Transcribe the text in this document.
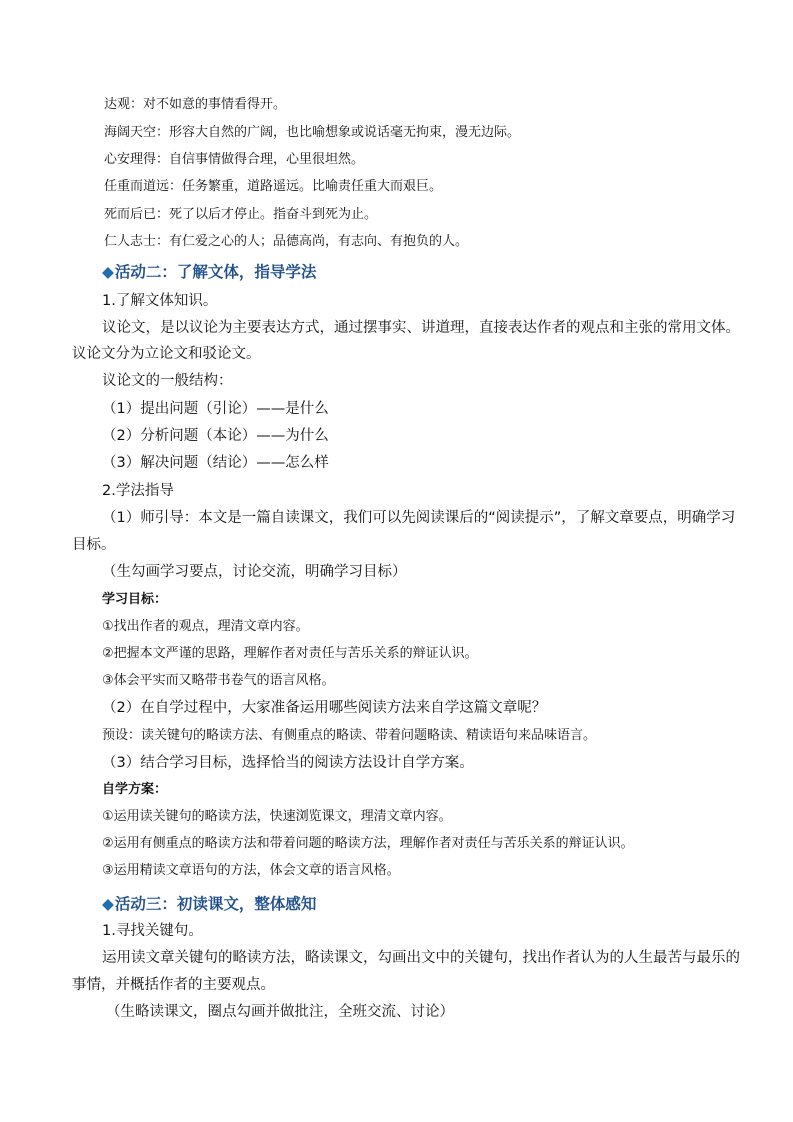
达观：对不如意的事情看得开。
海阔天空：形容大自然的广阔，也比喻想象或说话毫无拘束，漫无边际。
心安理得：自信事情做得合理，心里很坦然。
任重而道远：任务繁重，道路遥远。比喻责任重大而艰巨。
死而后已：死了以后才停止。指奋斗到死为止。
仁人志士：有仁爱之心的人；品德高尚，有志向、有抱负的人。
◆活动二：了解文体，指导学法
1.了解文体知识。
议论文，是以议论为主要表达方式，通过摆事实、讲道理，直接表达作者的观点和主张的常用文体。
议论文分为立论文和驳论文。
议论文的一般结构：
（1）提出问题（引论）——是什么
（2）分析问题（本论）——为什么
（3）解决问题（结论）——怎么样
2.学法指导
（1）师引导：本文是一篇自读课文，我们可以先阅读课后的“阅读提示”，了解文章要点，明确学习
目标。
（生勾画学习要点，讨论交流，明确学习目标）
学习目标：
①找出作者的观点，理清文章内容。
②把握本文严谨的思路，理解作者对责任与苦乐关系的辩证认识。
③体会平实而又略带书卷气的语言风格。
（2）在自学过程中，大家准备运用哪些阅读方法来自学这篇文章呢？
预设：读关键句的略读方法、有侧重点的略读、带着问题略读、精读语句来品味语言。
（3）结合学习目标，选择恰当的阅读方法设计自学方案。
自学方案：
①运用读关键句的略读方法，快速浏览课文，理清文章内容。
②运用有侧重点的略读方法和带着问题的略读方法，理解作者对责任与苦乐关系的辩证认识。
③运用精读文章语句的方法，体会文章的语言风格。
◆活动三：初读课文，整体感知
1.寻找关键句。
运用读文章关键句的略读方法，略读课文，勾画出文中的关键句，找出作者认为的人生最苦与最乐的
事情，并概括作者的主要观点。
（生略读课文，圈点勾画并做批注，全班交流、讨论）
